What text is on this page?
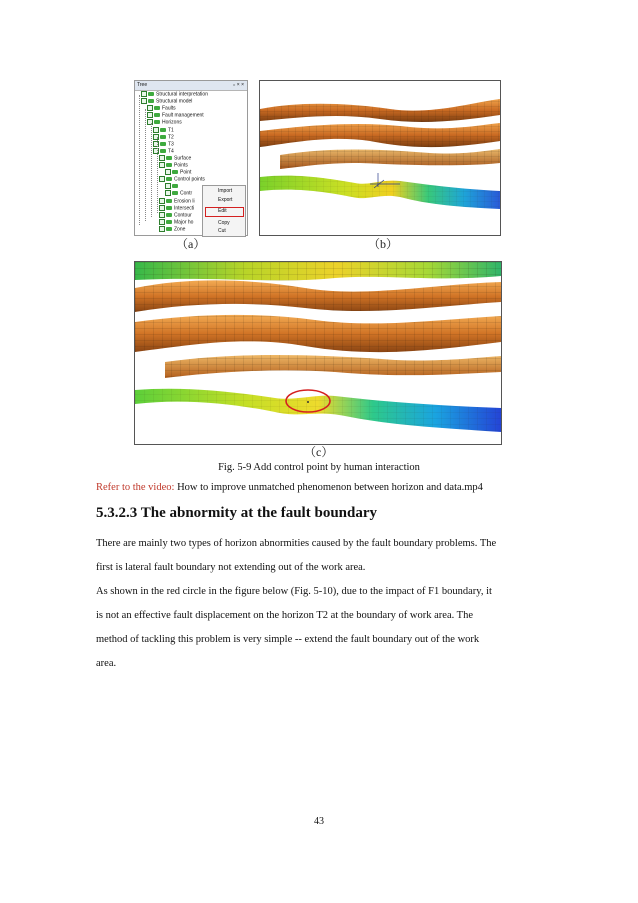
Tree	₌ × ×
Structural interpretation
Structural model
Faults
Fault management
Horizons
T1
T2
T3
T4
Surface
Points
Point
Control points
Contr
Erosion li
Intersecti
Contour
Major ho
Zone
Import
Export
Edit
Copy
Cut
（a）	（b）
（c）
Fig. 5-9 Add control point by human interaction
Refer to the video: How to improve unmatched phenomenon between horizon and data.mp4
5.3.2.3 The abnormity at the fault boundary
There are mainly two types of horizon abnormities caused by the fault boundary problems. The
first is lateral fault boundary not extending out of the work area.
As shown in the red circle in the figure below (Fig. 5-10), due to the impact of F1 boundary, it
is not an effective fault displacement on the horizon T2 at the boundary of work area. The
method of tackling this problem is very simple -- extend the fault boundary out of the work
area.
43
